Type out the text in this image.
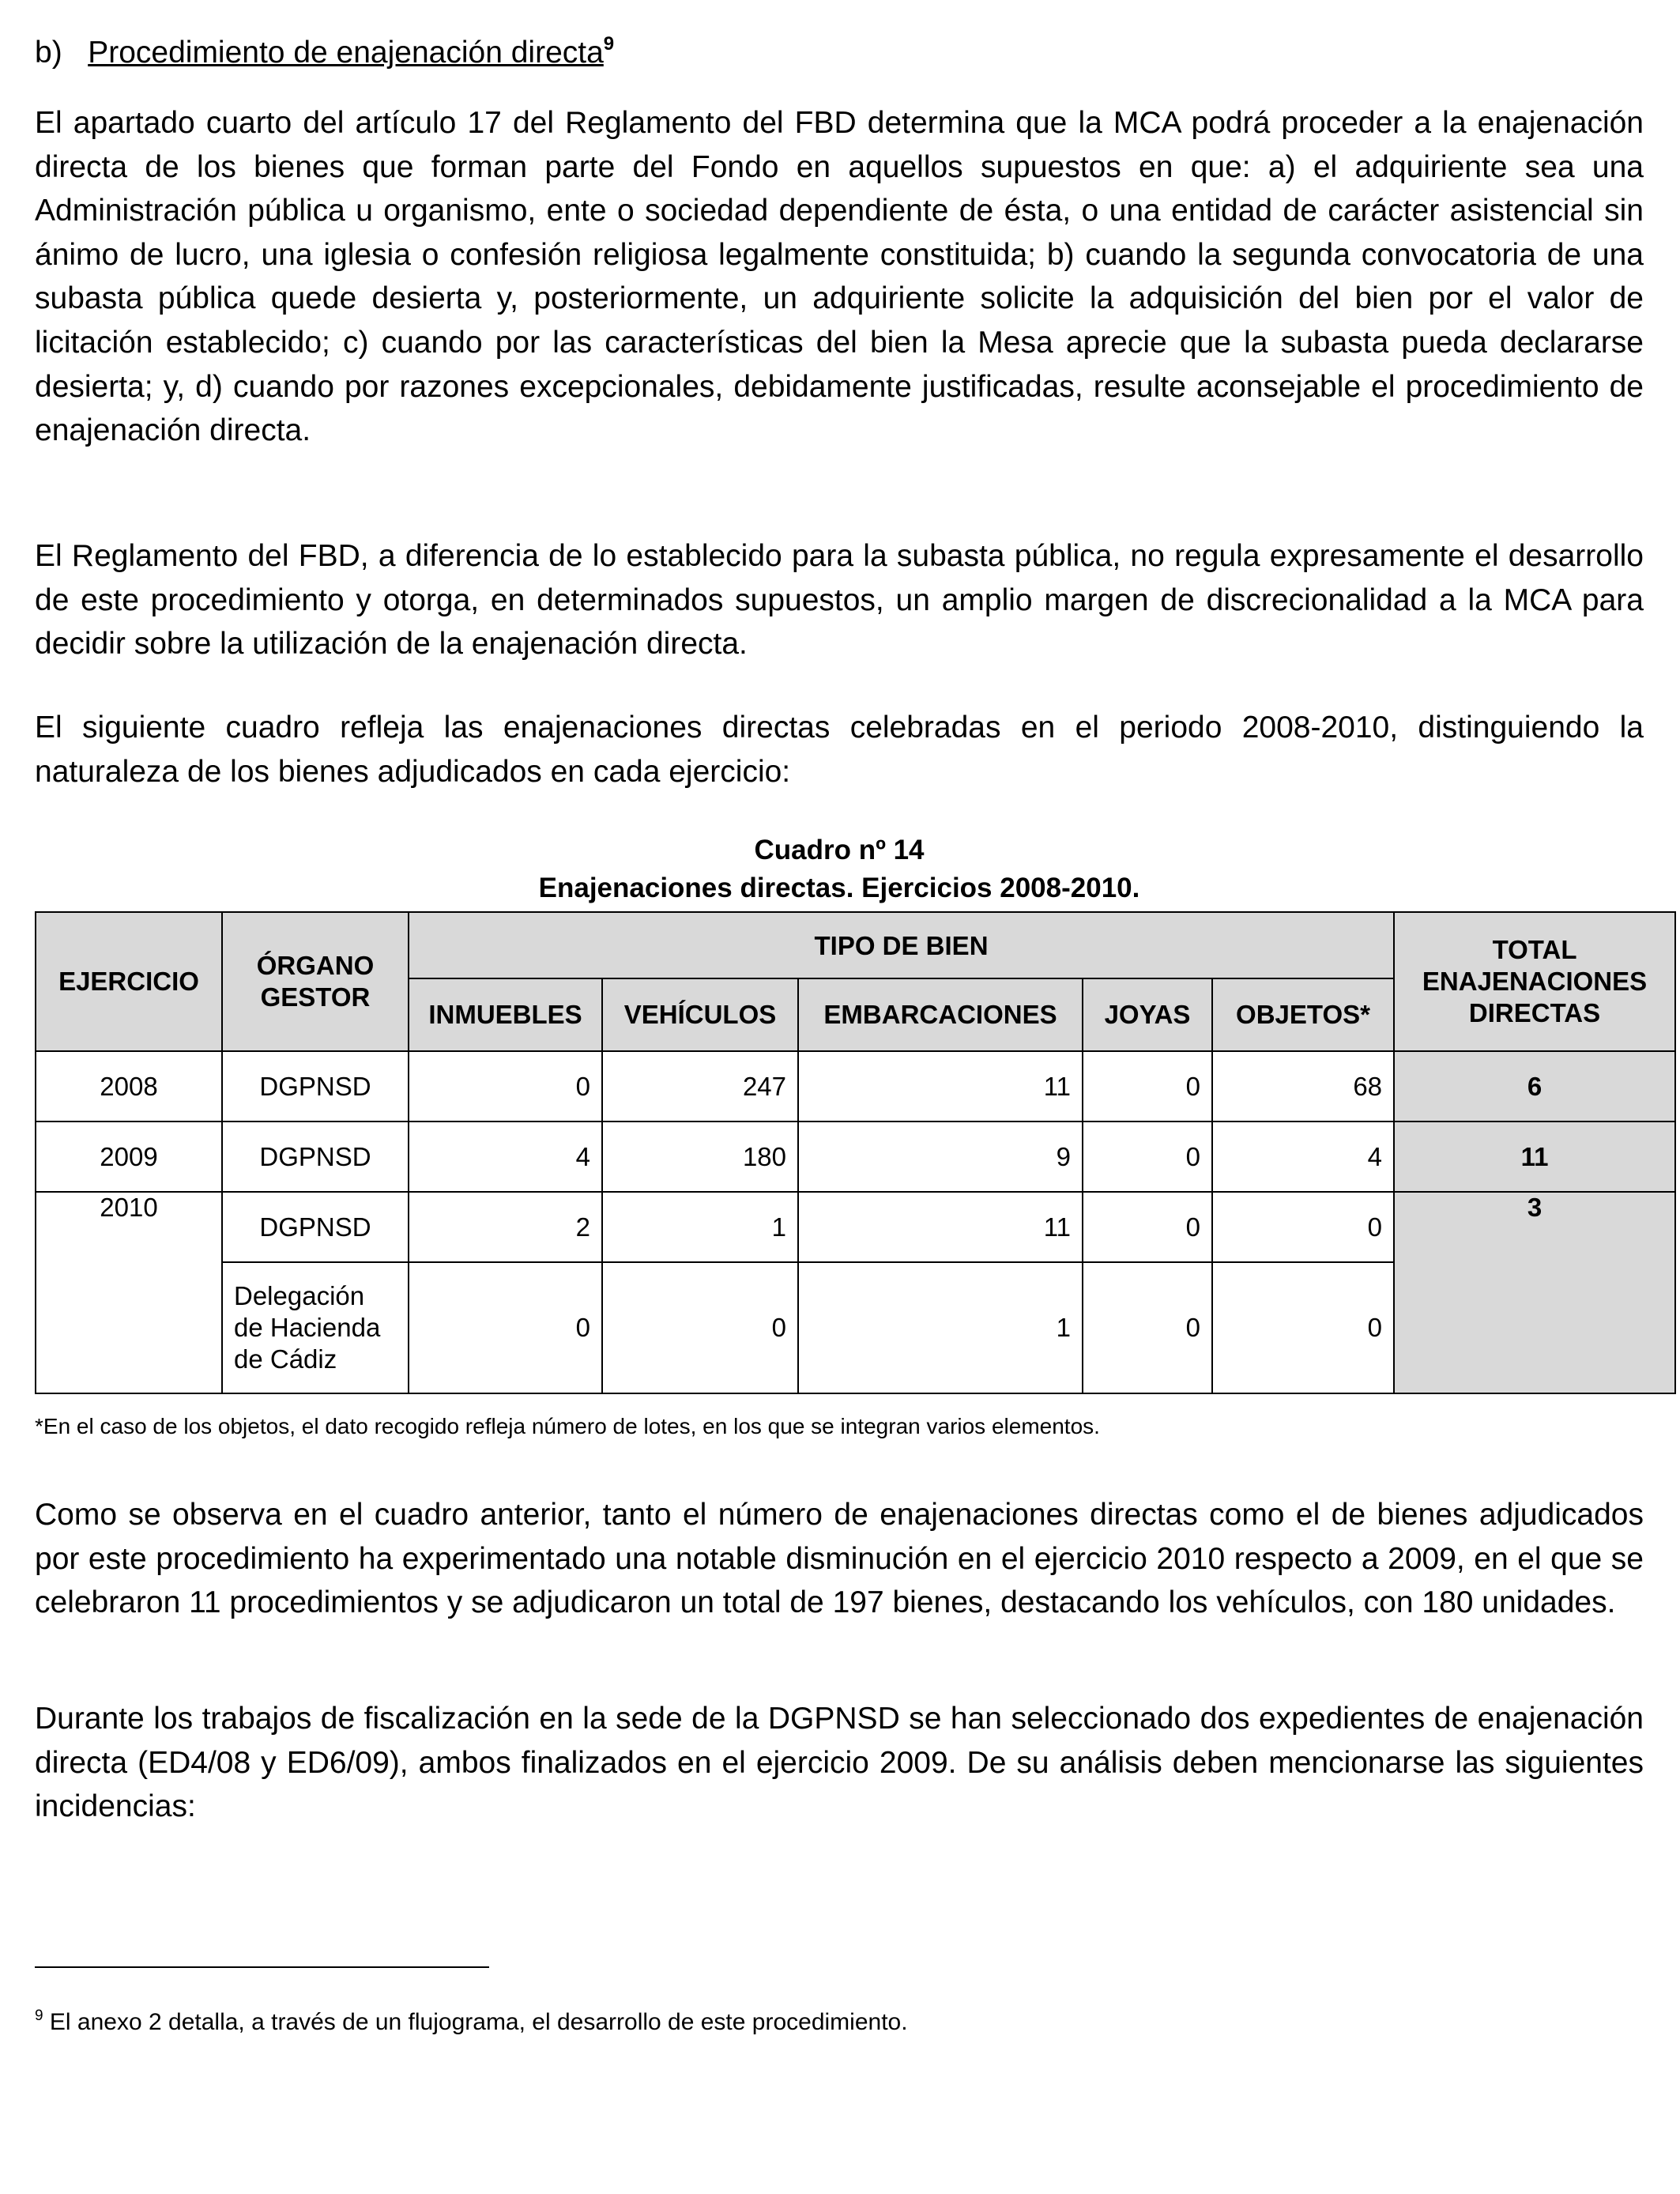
b) Procedimiento de enajenación directa$^9$

El apartado cuarto del artículo 17 del Reglamento del FBD determina que la MCA podrá proceder a la enajenación directa de los bienes que forman parte del Fondo en aquellos supuestos en que: a) el adquiriente sea una Administración pública u organismo, ente o sociedad dependiente de ésta, o una entidad de carácter asistencial sin ánimo de lucro, una iglesia o confesión religiosa legalmente constituida; b) cuando la segunda convocatoria de una subasta pública quede desierta y, posteriormente, un adquiriente solicite la adquisición del bien por el valor de licitación establecido; c) cuando por las características del bien la Mesa aprecie que la subasta pueda declararse desierta; y, d) cuando por razones excepcionales, debidamente justificadas, resulte aconsejable el procedimiento de enajenación directa.

El Reglamento del FBD, a diferencia de lo establecido para la subasta pública, no regula expresamente el desarrollo de este procedimiento y otorga, en determinados supuestos, un amplio margen de discrecionalidad a la MCA para decidir sobre la utilización de la enajenación directa.

El siguiente cuadro refleja las enajenaciones directas celebradas en el periodo 2008-2010, distinguiendo la naturaleza de los bienes adjudicados en cada ejercicio:

Cuadro nº 14
Enajenaciones directas. Ejercicios 2008-2010.
EJERCICIO	ÓRGANO GESTOR	TIPO DE BIEN					TOTAL ENAJENACIONES DIRECTAS
		INMUEBLES	VEHÍCULOS	EMBARCACIONES	JOYAS	OBJETOS*	
2008	DGPNSD	0	247	11	0	68	6
2009	DGPNSD	4	180	9	0	4	11
2010	DGPNSD	2	1	11	0	0	3
	Delegación de Hacienda de Cádiz	0	0	1	0	0	
*En el caso de los objetos, el dato recogido refleja número de lotes, en los que se integran varios elementos.

Como se observa en el cuadro anterior, tanto el número de enajenaciones directas como el de bienes adjudicados por este procedimiento ha experimentado una notable disminución en el ejercicio 2010 respecto a 2009, en el que se celebraron 11 procedimientos y se adjudicaron un total de 197 bienes, destacando los vehículos, con 180 unidades.

Durante los trabajos de fiscalización en la sede de la DGPNSD se han seleccionado dos expedientes de enajenación directa (ED4/08 y ED6/09), ambos finalizados en el ejercicio 2009. De su análisis deben mencionarse las siguientes incidencias:

$^9$ El anexo 2 detalla, a través de un flujograma, el desarrollo de este procedimiento.
